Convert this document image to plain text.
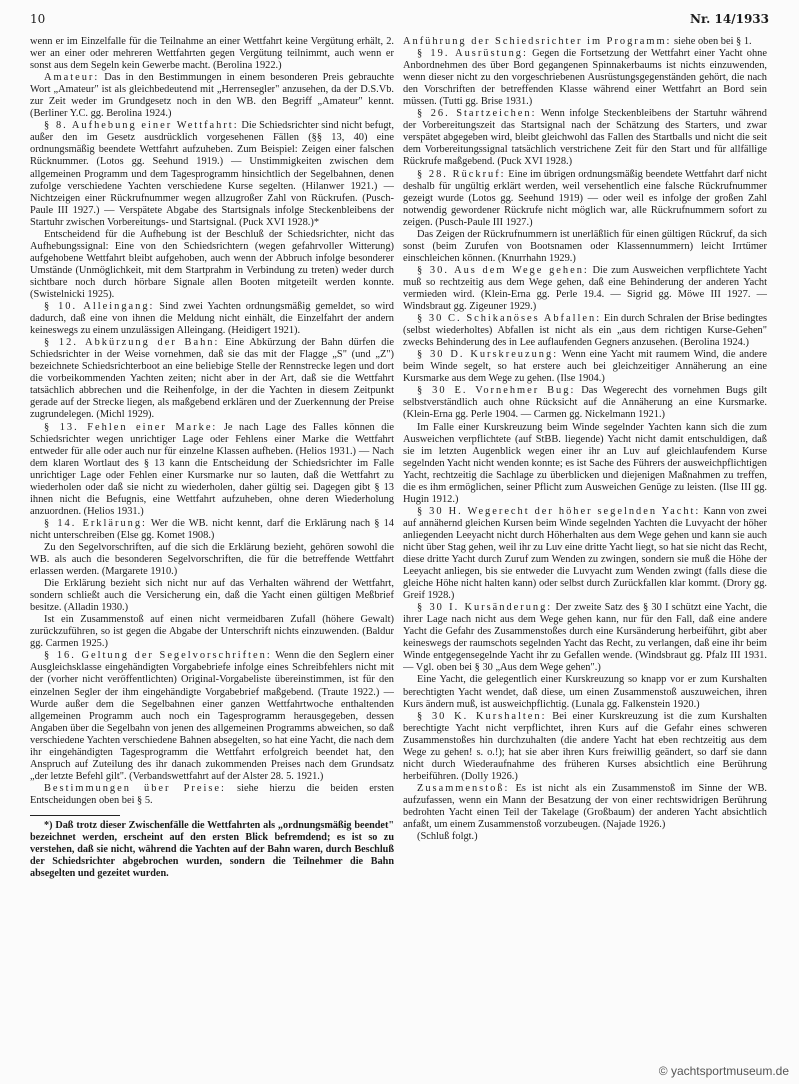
10	Nr. 14/1933

wenn er im Einzelfalle für die Teilnahme an einer Wettfahrt keine Vergütung erhält, 2. wer an einer oder mehreren Wettfahrten gegen Vergütung teilnimmt, auch wenn er sonst aus dem Segeln kein Gewerbe macht. (Berolina 1922.)

Amateur: Das in den Bestimmungen in einem besonderen Preis gebrauchte Wort „Amateur" ist als gleichbedeutend mit „Herrensegler" anzusehen, da der D.S.Vb. zur Zeit weder im Grundgesetz noch in den WB. den Begriff „Amateur" kennt. (Berliner Y.C. gg. Berolina 1924.)

§ 8. Aufhebung einer Wettfahrt: Die Schiedsrichter sind nicht befugt, außer den im Gesetz ausdrücklich vorgesehenen Fällen (§§ 13, 40) eine ordnungsmäßig beendete Wettfahrt aufzuheben. Zum Beispiel: Zeigen einer falschen Rücknummer. (Lotos gg. Seehund 1919.) — Unstimmigkeiten zwischen dem allgemeinen Programm und dem Tagesprogramm hinsichtlich der Segelbahnen, denen zufolge verschiedene Yachten verschiedene Kurse segelten. (Hilanwer 1921.) — Nichtzeigen einer Rückrufnummer wegen allzugroßer Zahl von Rückrufen. (Pusch-Paule III 1927.) — Verspätete Abgabe des Startsignals infolge Steckenbleibens der Startuhr zwischen Vorbereitungs- und Startsignal. (Puck XVI 1928.)*

Entscheidend für die Aufhebung ist der Beschluß der Schiedsrichter, nicht das Aufhebungssignal: Eine von den Schiedsrichtern (wegen gefahrvoller Witterung) aufgehobene Wettfahrt bleibt aufgehoben, auch wenn der Abbruch infolge besonderer Umstände (Unmöglichkeit, mit dem Startprahm in Verbindung zu treten) weder durch sichtbare noch durch hörbare Signale allen Booten mitgeteilt werden konnte. (Swistelnicki 1925).

§ 10. Alleingang: Sind zwei Yachten ordnungsmäßig gemeldet, so wird dadurch, daß eine von ihnen die Meldung nicht einhält, die Einzelfahrt der andern keineswegs zu einem unzulässigen Alleingang. (Heidigert 1921).

§ 12. Abkürzung der Bahn: Eine Abkürzung der Bahn dürfen die Schiedsrichter in der Weise vornehmen, daß sie das mit der Flagge „S" (und „Z") bezeichnete Schiedsrichterboot an eine beliebige Stelle der Rennstrecke legen und dort die vorbeikommenden Yachten zeiten; nicht aber in der Art, daß sie die Wettfahrt tatsächlich abbrechen und die Reihenfolge, in der die Yachten in diesem Zeitpunkt gerade auf der Strecke liegen, als maßgebend erklären und der Zuerkennung der Preise zugrundelegen. (Michl 1929).

§ 13. Fehlen einer Marke: Je nach Lage des Falles können die Schiedsrichter wegen unrichtiger Lage oder Fehlens einer Marke die Wettfahrt entweder für alle oder auch nur für einzelne Klassen aufheben. (Helios 1931.) — Nach dem klaren Wortlaut des § 13 kann die Entscheidung der Schiedsrichter im Falle unrichtiger Lage oder Fehlen einer Kursmarke nur so lauten, daß die Wettfahrt zu wiederholen oder daß sie nicht zu wiederholen, daher gültig sei. Dagegen gibt § 13 ihnen nicht die Befugnis, eine Wettfahrt aufzuheben, ohne deren Wiederholung anzuordnen. (Helios 1931.)

§ 14. Erklärung: Wer die WB. nicht kennt, darf die Erklärung nach § 14 nicht unterschreiben (Else gg. Komet 1908.)

Zu den Segelvorschriften, auf die sich die Erklärung bezieht, gehören sowohl die WB. als auch die besonderen Segelvorschriften, die für die betreffende Wettfahrt erlassen werden. (Margarete 1910.)

Die Erklärung bezieht sich nicht nur auf das Verhalten während der Wettfahrt, sondern schließt auch die Versicherung ein, daß die Yacht einen gültigen Meßbrief besitze. (Alladin 1930.)

Ist ein Zusammenstoß auf einen nicht vermeidbaren Zufall (höhere Gewalt) zurückzuführen, so ist gegen die Abgabe der Unterschrift nichts einzuwenden. (Baldur gg. Carmen 1925.)

§ 16. Geltung der Segelvorschriften: Wenn die den Seglern einer Ausgleichsklasse eingehändigten Vorgabebriefe infolge eines Schreibfehlers nicht mit der (vorher nicht veröffentlichten) Original-Vorgabeliste übereinstimmen, ist für den einzelnen Segler der ihm eingehändigte Vorgabebrief maßgebend. (Traute 1922.) — Wurde außer dem die Segelbahnen einer ganzen Wettfahrtwoche enthaltenden allgemeinen Programm auch noch ein Tagesprogramm herausgegeben, dessen Angaben über die Segelbahn von jenen des allgemeinen Programms abweichen, so daß verschiedene Yachten verschiedene Bahnen absegelten, so hat eine Yacht, die nach dem ihr eingehändigten Tagesprogramm die Wettfahrt erfolgreich beendet hat, den Anspruch auf Zuteilung des ihr danach zukommenden Preises nach dem Grundsatz „der letzte Befehl gilt". (Verbandswettfahrt auf der Alster 28. 5. 1921.)

Bestimmungen über Preise: siehe hierzu die beiden ersten Entscheidungen oben bei § 5.

*) Daß trotz dieser Zwischenfälle die Wettfahrten als „ordnungsmäßig beendet" bezeichnet werden, erscheint auf den ersten Blick befremdend; es ist so zu verstehen, daß sie nicht, während die Yachten auf der Bahn waren, durch Beschluß der Schiedsrichter abgebrochen wurden, sondern die Teilnehmer die Bahn absegelten und gezeitet wurden.

Anführung der Schiedsrichter im Programm: siehe oben bei § 1.

§ 19. Ausrüstung: Gegen die Fortsetzung der Wettfahrt einer Yacht ohne Anbordnehmen des über Bord gegangenen Spinnakerbaums ist nichts einzuwenden, wenn dieser nicht zu den vorgeschriebenen Ausrüstungsgegenständen gehört, die nach den Vorschriften der betreffenden Klasse während einer Wettfahrt an Bord sein müssen. (Tutti gg. Brise 1931.)

§ 26. Startzeichen: Wenn infolge Steckenbleibens der Startuhr während der Vorbereitungszeit das Startsignal nach der Schätzung des Starters, und zwar verspätet abgegeben wird, bleibt gleichwohl das Fallen des Startballs und nicht die seit dem Vorbereitungssignal tatsächlich verstrichene Zeit für den Start und für allfällige Rückrufe maßgebend. (Puck XVI 1928.)

§ 28. Rückruf: Eine im übrigen ordnungsmäßig beendete Wettfahrt darf nicht deshalb für ungültig erklärt werden, weil versehentlich eine falsche Rückrufnummer gezeigt wurde (Lotos gg. Seehund 1919) — oder weil es infolge der großen Zahl notwendig gewordener Rückrufe nicht möglich war, alle Rückrufnummern sofort zu zeigen. (Pusch-Paule III 1927.)

Das Zeigen der Rückrufnummern ist unerläßlich für einen gültigen Rückruf, da sich sonst (beim Zurufen von Bootsnamen oder Klassennummern) leicht Irrtümer einschleichen können. (Knurrhahn 1929.)

§ 30. Aus dem Wege gehen: Die zum Ausweichen verpflichtete Yacht muß so rechtzeitig aus dem Wege gehen, daß eine Behinderung der anderen Yacht vermieden wird. (Klein-Erna gg. Perle 19.4. — Sigrid gg. Möwe III 1927. — Windsbraut gg. Zigeuner 1929.)

§ 30 C. Schikanöses Abfallen: Ein durch Schralen der Brise bedingtes (selbst wiederholtes) Abfallen ist nicht als ein „aus dem richtigen Kurse-Gehen" zwecks Behinderung des in Lee auflaufenden Gegners anzusehen. (Berolina 1924.)

§ 30 D. Kurskreuzung: Wenn eine Yacht mit raumem Wind, die andere beim Winde segelt, so hat erstere auch bei gleichzeitiger Annäherung an eine Kursmarke aus dem Wege zu gehen. (Ilse 1904.)

§ 30 E. Vornehmer Bug: Das Wegerecht des vornehmen Bugs gilt selbstverständlich auch ohne Rücksicht auf die Annäherung an eine Kursmarke. (Klein-Erna gg. Perle 1904. — Carmen gg. Nickelmann 1921.)

Im Falle einer Kurskreuzung beim Winde segelnder Yachten kann sich die zum Ausweichen verpflichtete (auf StBB. liegende) Yacht nicht damit entschuldigen, daß sie im letzten Augenblick wegen einer ihr an Luv auf gleichlaufendem Kurse segelnden Yacht nicht wenden konnte; es ist Sache des Führers der ausweichpflichtigen Yacht, rechtzeitig die Sachlage zu überblicken und diejenigen Maßnahmen zu treffen, die es ihm ermöglichen, seiner Pflicht zum Ausweichen Genüge zu leisten. (Ilse III gg. Hugin 1912.)

§ 30 H. Wegerecht der höher segelnden Yacht: Kann von zwei auf annähernd gleichen Kursen beim Winde segelnden Yachten die Luvyacht der höher anliegenden Leeyacht nicht durch Höherhalten aus dem Wege gehen und kann sie auch nicht über Stag gehen, weil ihr zu Luv eine dritte Yacht liegt, so hat sie nicht das Recht, diese dritte Yacht durch Zuruf zum Wenden zu zwingen, sondern sie muß die Höhe der Leeyacht anliegen, bis sie entweder die Luvyacht zum Wenden zwingt (falls diese die gleiche Höhe nicht halten kann) oder selbst durch Zurückfallen klar kommt. (Drory gg. Greif 1928.)

§ 30 I. Kursänderung: Der zweite Satz des § 30 I schützt eine Yacht, die ihrer Lage nach nicht aus dem Wege gehen kann, nur für den Fall, daß eine andere Yacht die Gefahr des Zusammenstoßes durch eine Kursänderung herbeiführt, gibt aber keineswegs der raumschots segelnden Yacht das Recht, zu verlangen, daß eine ihr beim Winde entgegensegelnde Yacht ihr zu Gefallen wende. (Windsbraut gg. Pfalz III 1931. — Vgl. oben bei § 30 „Aus dem Wege gehen".)

Eine Yacht, die gelegentlich einer Kurskreuzung so knapp vor er zum Kurshalten berechtigten Yacht wendet, daß diese, um einen Zusammenstoß auszuweichen, ihren Kurs ändern muß, ist ausweichpflichtig. (Lunala gg. Falkenstein 1920.)

§ 30 K. Kurshalten: Bei einer Kurskreuzung ist die zum Kurshalten berechtigte Yacht nicht verpflichtet, ihren Kurs auf die Gefahr eines schweren Zusammenstoßes hin durchzuhalten (die andere Yacht hat eben rechtzeitig aus dem Wege zu gehen! s. o.!); hat sie aber ihren Kurs freiwillig geändert, so darf sie dann nicht durch Wiederaufnahme des früheren Kurses absichtlich eine Berührung herbeiführen. (Dolly 1926.)

Zusammenstoß: Es ist nicht als ein Zusammenstoß im Sinne der WB. aufzufassen, wenn ein Mann der Besatzung der von einer rechtswidrigen Berührung bedrohten Yacht einen Teil der Takelage (Großbaum) der anderen Yacht absichtlich anfaßt, um einem Zusammenstoß vorzubeugen. (Najade 1926.)

(Schluß folgt.)

© yachtsportmuseum.de
